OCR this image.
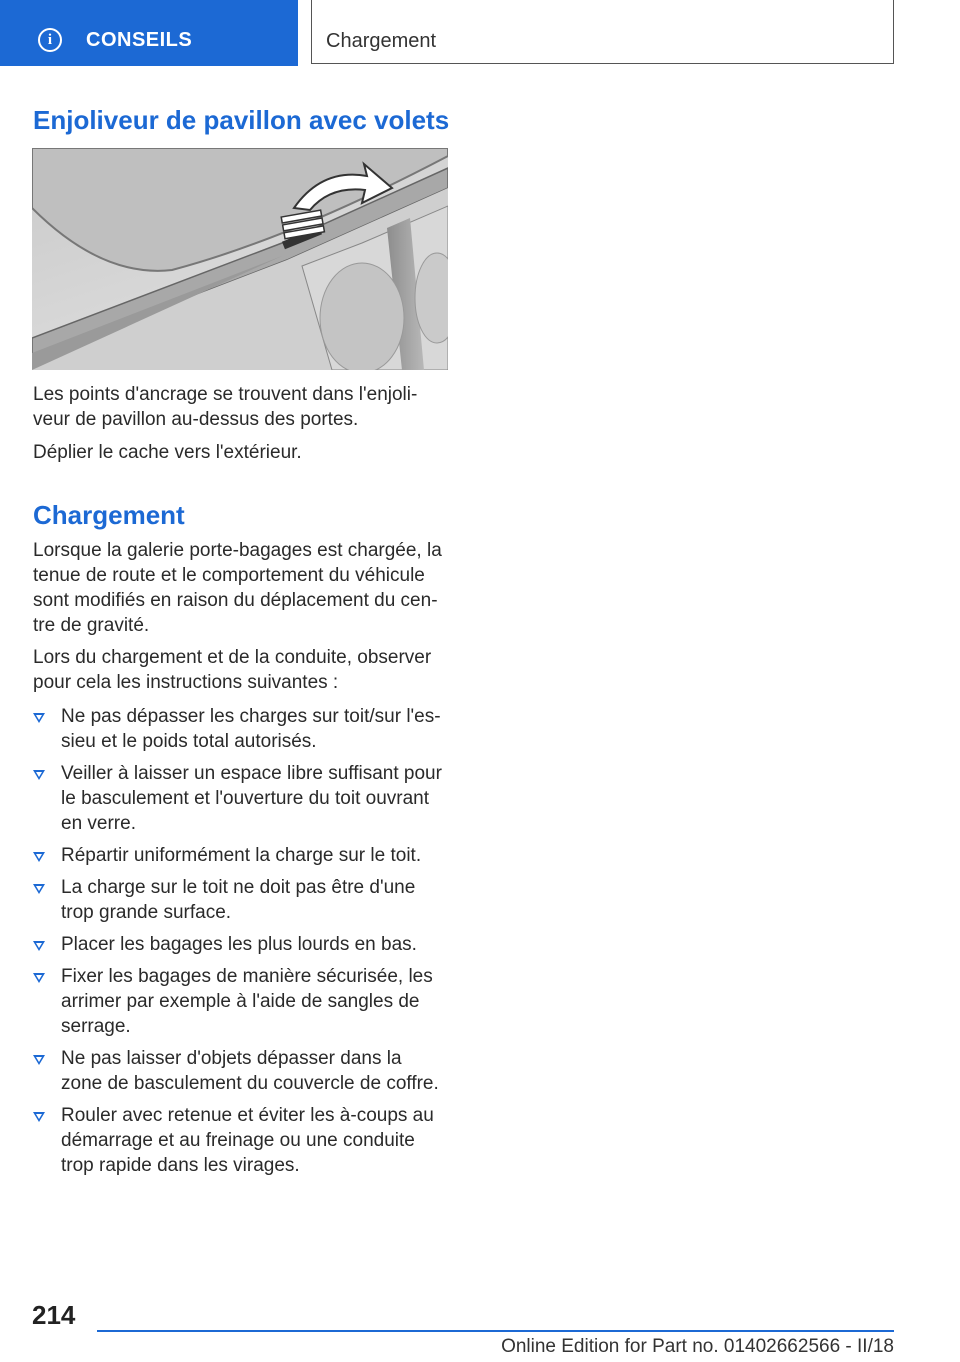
i	CONSEILS	Chargement
Enjoliveur de pavillon avec volets

Les points d'ancrage se trouvent dans l'enjoli-veur de pavillon au-dessus des portes.

Déplier le cache vers l'extérieur.

Chargement

Lorsque la galerie porte-bagages est chargée, la tenue de route et le comportement du véhicule sont modifiés en raison du déplacement du cen-tre de gravité.

Lors du chargement et de la conduite, observer pour cela les instructions suivantes :

Ne pas dépasser les charges sur toit/sur l'es-sieu et le poids total autorisés.
Veiller à laisser un espace libre suffisant pour le basculement et l'ouverture du toit ouvrant en verre.
Répartir uniformément la charge sur le toit.
La charge sur le toit ne doit pas être d'une trop grande surface.
Placer les bagages les plus lourds en bas.
Fixer les bagages de manière sécurisée, les arrimer par exemple à l'aide de sangles de serrage.
Ne pas laisser d'objets dépasser dans la zone de basculement du couvercle de coffre.
Rouler avec retenue et éviter les à-coups au démarrage et au freinage ou une conduite trop rapide dans les virages.
214
Online Edition for Part no. 01402662566 - II/18
